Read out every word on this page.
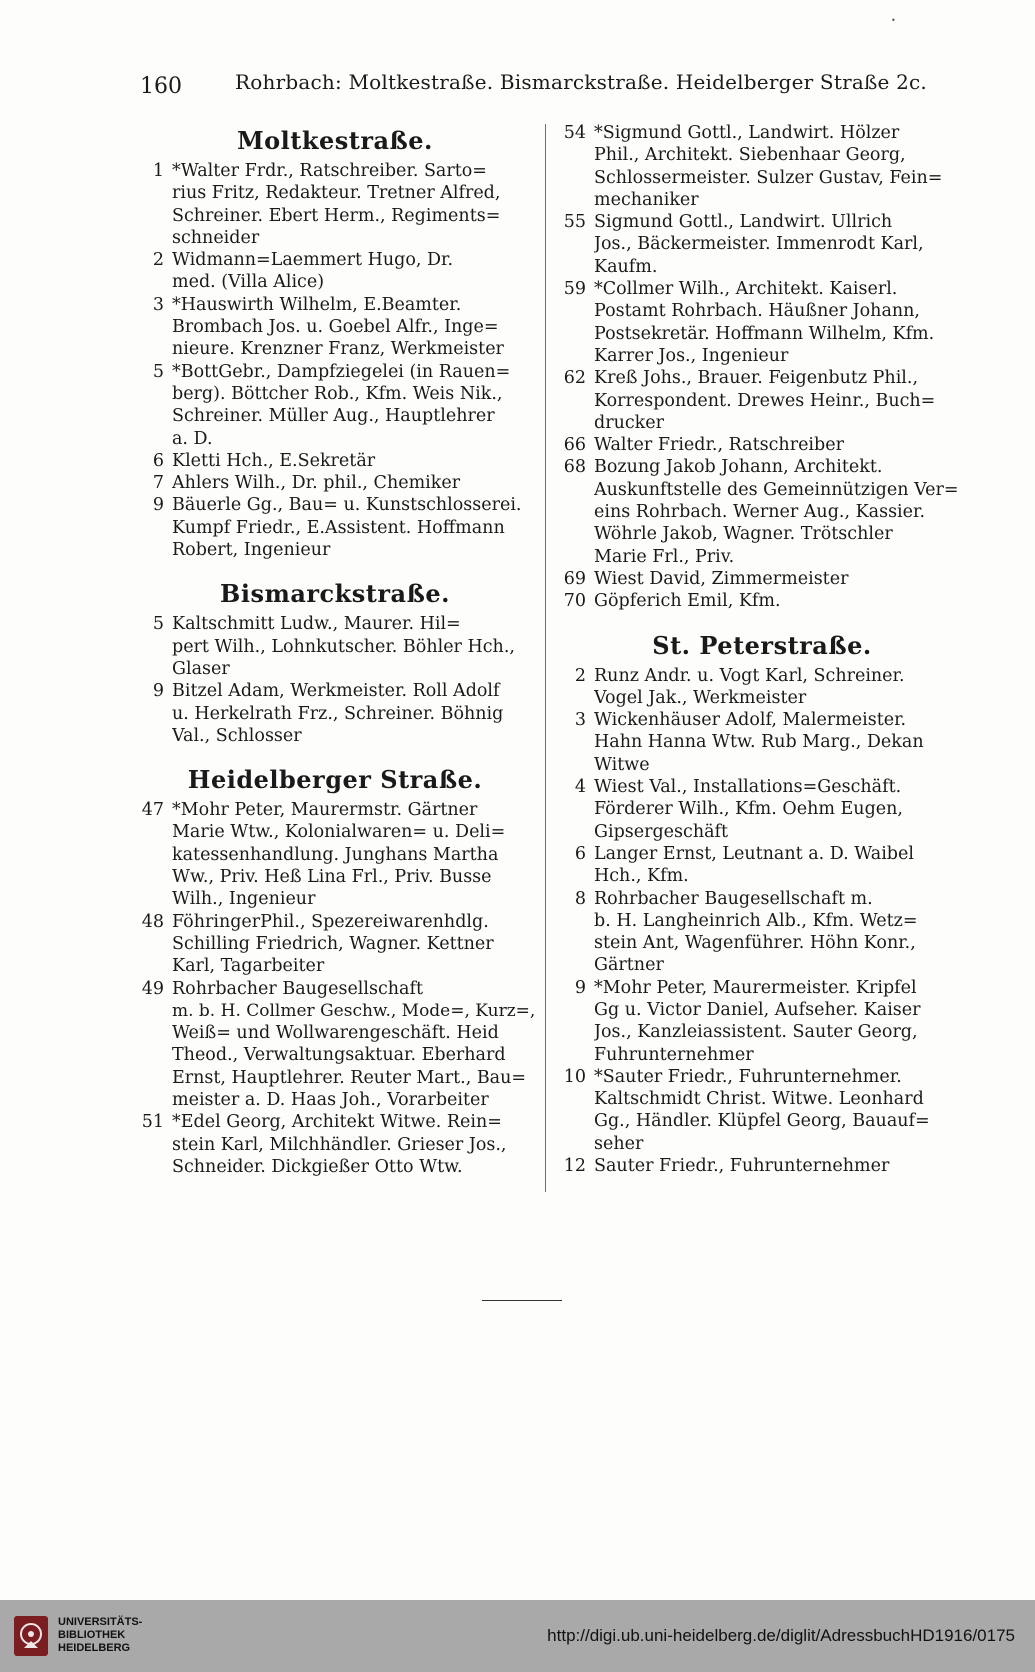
•
160	Rohrbach: Moltkestraße. Bismarckstraße. Heidelberger Straße 2c.
Moltkestraße.
1 *Walter Frdr., Ratschreiber. Sarto=
rius Fritz, Redakteur. Tretner Alfred,
Schreiner. Ebert Herm., Regiments=
schneider
2 Widmann=Laemmert Hugo, Dr.
med. (Villa Alice)
3 *Hauswirth Wilhelm, E.Beamter.
Brombach Jos. u. Goebel Alfr., Inge=
nieure. Krenzner Franz, Werkmeister
5 *BottGebr., Dampfziegelei (in Rauen=
berg). Böttcher Rob., Kfm. Weis Nik.,
Schreiner. Müller Aug., Hauptlehrer
a. D.
6 Kletti Hch., E.Sekretär
7 Ahlers Wilh., Dr. phil., Chemiker
9 Bäuerle Gg., Bau= u. Kunstschlosserei.
Kumpf Friedr., E.Assistent. Hoffmann
Robert, Ingenieur
Bismarckstraße.
5 Kaltschmitt Ludw., Maurer. Hil=
pert Wilh., Lohnkutscher. Böhler Hch.,
Glaser
9 Bitzel Adam, Werkmeister. Roll Adolf
u. Herkelrath Frz., Schreiner. Böhnig
Val., Schlosser
Heidelberger Straße.
47 *Mohr Peter, Maurermstr. Gärtner
Marie Wtw., Kolonialwaren= u. Deli=
katessenhandlung. Junghans Martha
Ww., Priv. Heß Lina Frl., Priv. Busse
Wilh., Ingenieur
48 FöhringerPhil., Spezereiwarenhdlg.
Schilling Friedrich, Wagner. Kettner
Karl, Tagarbeiter
49 Rohrbacher Baugesellschaft
m. b. H. Collmer Geschw., Mode=, Kurz=,
Weiß= und Wollwarengeschäft. Heid
Theod., Verwaltungsaktuar. Eberhard
Ernst, Hauptlehrer. Reuter Mart., Bau=
meister a. D. Haas Joh., Vorarbeiter
51 *Edel Georg, Architekt Witwe. Rein=
stein Karl, Milchhändler. Grieser Jos.,
Schneider. Dickgießer Otto Wtw.
54 *Sigmund Gottl., Landwirt. Hölzer
Phil., Architekt. Siebenhaar Georg,
Schlossermeister. Sulzer Gustav, Fein=
mechaniker
55 Sigmund Gottl., Landwirt. Ullrich
Jos., Bäckermeister. Immenrodt Karl,
Kaufm.
59 *Collmer Wilh., Architekt. Kaiserl.
Postamt Rohrbach. Häußner Johann,
Postsekretär. Hoffmann Wilhelm, Kfm.
Karrer Jos., Ingenieur
62 Kreß Johs., Brauer. Feigenbutz Phil.,
Korrespondent. Drewes Heinr., Buch=
drucker
66 Walter Friedr., Ratschreiber
68 Bozung Jakob Johann, Architekt.
Auskunftstelle des Gemeinnützigen Ver=
eins Rohrbach. Werner Aug., Kassier.
Wöhrle Jakob, Wagner. Trötschler
Marie Frl., Priv.
69 Wiest David, Zimmermeister
70 Göpferich Emil, Kfm.
St. Peterstraße.
2 Runz Andr. u. Vogt Karl, Schreiner.
Vogel Jak., Werkmeister
3 Wickenhäuser Adolf, Malermeister.
Hahn Hanna Wtw. Rub Marg., Dekan
Witwe
4 Wiest Val., Installations=Geschäft.
Förderer Wilh., Kfm. Oehm Eugen,
Gipsergeschäft
6 Langer Ernst, Leutnant a. D. Waibel
Hch., Kfm.
8 Rohrbacher Baugesellschaft m.
b. H. Langheinrich Alb., Kfm. Wetz=
stein Ant, Wagenführer. Höhn Konr.,
Gärtner
9 *Mohr Peter, Maurermeister. Kripfel
Gg u. Victor Daniel, Aufseher. Kaiser
Jos., Kanzleiassistent. Sauter Georg,
Fuhrunternehmer
10 *Sauter Friedr., Fuhrunternehmer.
Kaltschmidt Christ. Witwe. Leonhard
Gg., Händler. Klüpfel Georg, Bauauf=
seher
12 Sauter Friedr., Fuhrunternehmer
UNIVERSITÄTS-
BIBLIOTHEK
HEIDELBERG
http://digi.ub.uni-heidelberg.de/diglit/AdressbuchHD1916/0175
